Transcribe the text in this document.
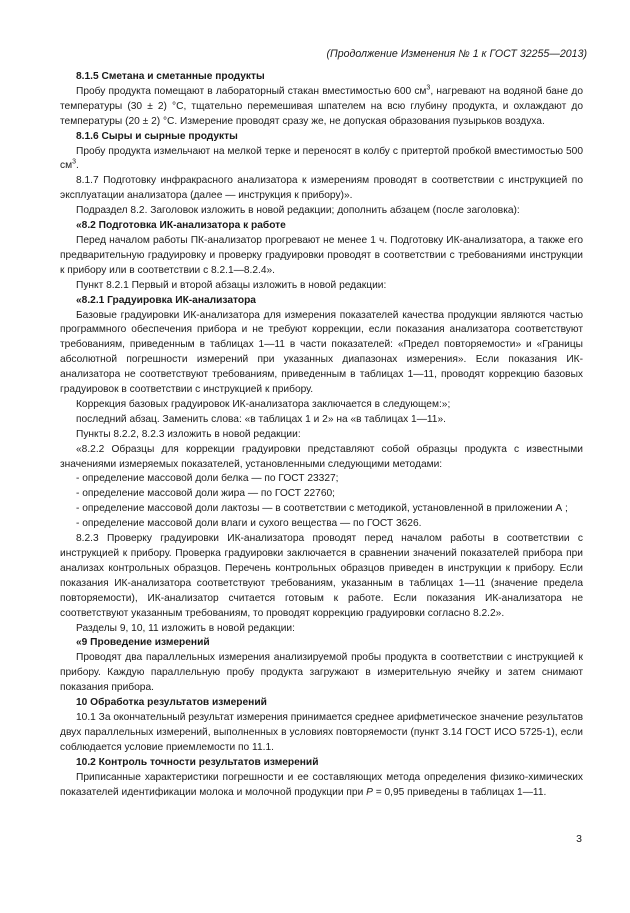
(Продолжение Изменения № 1 к ГОСТ 32255—2013)

8.1.5 Сметана и сметанные продукты

Пробу продукта помещают в лабораторный стакан вместимостью 600 $см^3$, нагревают на водяной бане до температуры (30 ± 2) °С, тщательно перемешивая шпателем на всю глубину продукта, и охлаждают до температуры (20 ± 2) °С. Измерение проводят сразу же, не допуская образования пузырьков воздуха.

8.1.6 Сыры и сырные продукты

Пробу продукта измельчают на мелкой терке и переносят в колбу с притертой пробкой вместимостью 500 $см^3$.

8.1.7 Подготовку инфракрасного анализатора к измерениям проводят в соответствии с инструкцией по эксплуатации анализатора (далее — инструкция к прибору)».

Подраздел 8.2. Заголовок изложить в новой редакции; дополнить абзацем (после заголовка):

«8.2 Подготовка ИК-анализатора к работе

Перед началом работы ПК-анализатор прогревают не менее 1 ч. Подготовку ИК-анализатора, а также его предварительную градуировку и проверку градуировки проводят в соответствии с требованиями инструкции к прибору или в соответствии с 8.2.1—8.2.4».

Пункт 8.2.1 Первый и второй абзацы изложить в новой редакции:

«8.2.1 Градуировка ИК-анализатора

Базовые градуировки ИК-анализатора для измерения показателей качества продукции являются частью программного обеспечения прибора и не требуют коррекции, если показания анализатора соответствуют требованиям, приведенным в таблицах 1—11 в части показателей: «Предел повторяемости» и «Границы абсолютной погрешности измерений при указанных диапазонах измерения». Если показания ИК-анализатора не соответствуют требованиям, приведенным в таблицах 1—11, проводят коррекцию базовых градуировок в соответствии с инструкцией к прибору.

Коррекция базовых градуировок ИК-анализатора заключается в следующем:»;

последний абзац. Заменить слова: «в таблицах 1 и 2» на «в таблицах 1—11».

Пункты 8.2.2, 8.2.3 изложить в новой редакции:

«8.2.2 Образцы для коррекции градуировки представляют собой образцы продукта с известными значениями измеряемых показателей, установленными следующими методами:

- определение массовой доли белка — по ГОСТ 23327;

- определение массовой доли жира — по ГОСТ 22760;

- определение массовой доли лактозы — в соответствии с методикой, установленной в приложении А ;

- определение массовой доли влаги и сухого вещества — по ГОСТ 3626.

8.2.3 Проверку градуировки ИК-анализатора проводят перед началом работы в соответствии с инструкцией к прибору. Проверка градуировки заключается в сравнении значений показателей прибора при анализах контрольных образцов. Перечень контрольных образцов приведен в инструкции к прибору. Если показания ИК-анализатора соответствуют требованиям, указанным в таблицах 1—11 (значение предела повторяемости), ИК-анализатор считается готовым к работе. Если показания ИК-анализатора не соответствуют указанным требованиям, то проводят коррекцию градуировки согласно 8.2.2».

Разделы 9, 10, 11 изложить в новой редакции:

«9 Проведение измерений

Проводят два параллельных измерения анализируемой пробы продукта в соответствии с инструкцией к прибору. Каждую параллельную пробу продукта загружают в измерительную ячейку и затем снимают показания прибора.

10 Обработка результатов измерений

10.1 За окончательный результат измерения принимается среднее арифметическое значение результатов двух параллельных измерений, выполненных в условиях повторяемости (пункт 3.14 ГОСТ ИСО 5725-1), если соблюдается условие приемлемости по 11.1.

10.2 Контроль точности результатов измерений

Приписанные характеристики погрешности и ее составляющих метода определения физико-химических показателей идентификации молока и молочной продукции при Р = 0,95 приведены в таблицах 1—11.

3
